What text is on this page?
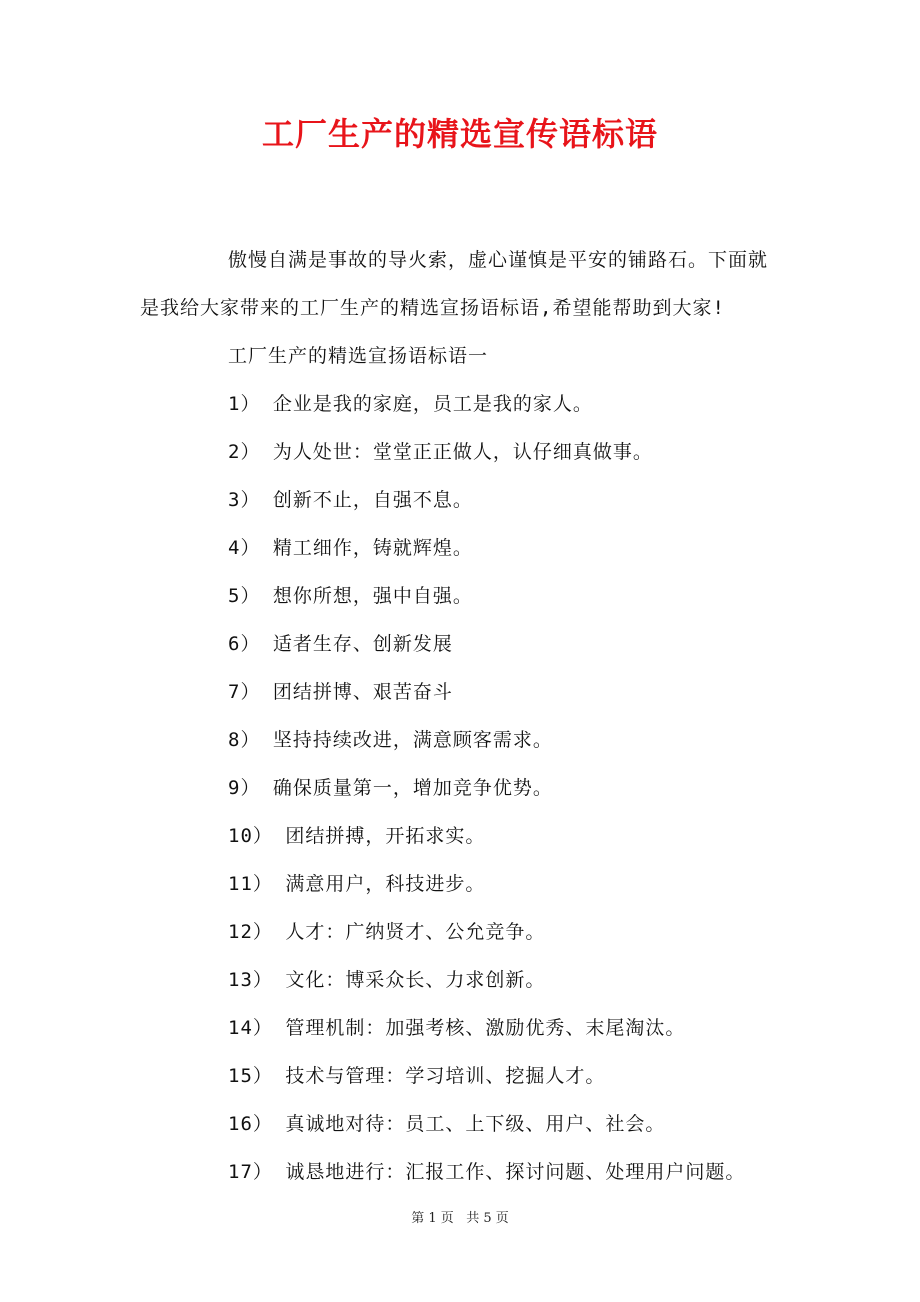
工厂生产的精选宣传语标语

傲慢自满是事故的导火索，虚心谨慎是平安的铺路石。下面就是我给大家带来的工厂生产的精选宣扬语标语,希望能帮助到大家!

工厂生产的精选宣扬语标语一

1） 企业是我的家庭，员工是我的家人。
2） 为人处世：堂堂正正做人，认仔细真做事。
3） 创新不止，自强不息。
4） 精工细作，铸就辉煌。
5） 想你所想，强中自强。
6） 适者生存、创新发展
7） 团结拼博、艰苦奋斗
8） 坚持持续改进，满意顾客需求。
9） 确保质量第一，增加竞争优势。
10） 团结拼搏，开拓求实。
11） 满意用户，科技进步。
12） 人才：广纳贤才、公允竞争。
13） 文化：博采众长、力求创新。
14） 管理机制：加强考核、激励优秀、末尾淘汰。
15） 技术与管理：学习培训、挖掘人才。
16） 真诚地对待：员工、上下级、用户、社会。
17） 诚恳地进行：汇报工作、探讨问题、处理用户问题。
第 1 页   共 5 页
